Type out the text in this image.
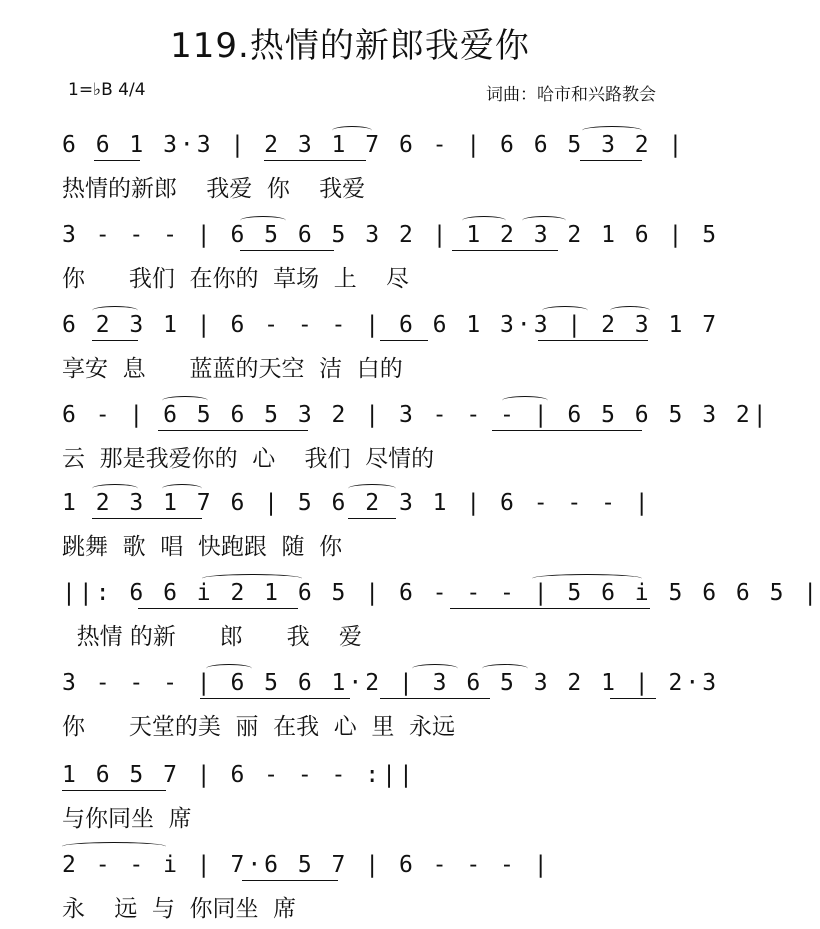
119.热情的新郎我爱你
1=♭B 4/4	词曲：哈市和兴路教会
6 6 1 3·3 | 2 3 1 7 6 - | 6 6 5 3 2 |
热情的新郎    我爱  你    我爱
3 - - - | 6 5 6 5 3 2 | 1 2 3 2 1 6 | 5
你      我们  在你的  草场  上    尽
6 2 3 1 | 6 - - - | 6 6 1 3·3 | 2 3 1 7
享安  息      蓝蓝的天空  洁  白的
6 - | 6 5 6 5 3 2 | 3 - - - | 6 5 6 5 3 2|
云  那是我爱你的  心    我们  尽情的
1 2 3 1 7 6 | 5 6 2 3 1 | 6 - - - |
跳舞  歌  唱  快跑跟  随  你
||: 6 6 i 2 1 6 5 | 6 - - - | 5 6 i 5 6 6 5 |
热情 的新      郎      我    爱
3 - - - | 6 5 6 1·2 | 3 6 5 3 2 1 | 2·3
你      天堂的美  丽  在我  心  里  永远
1 6 5 7 | 6 - - - :||
与你同坐  席
2 - - i | 7·6 5 7 | 6 - - - |
永    远  与  你同坐  席
